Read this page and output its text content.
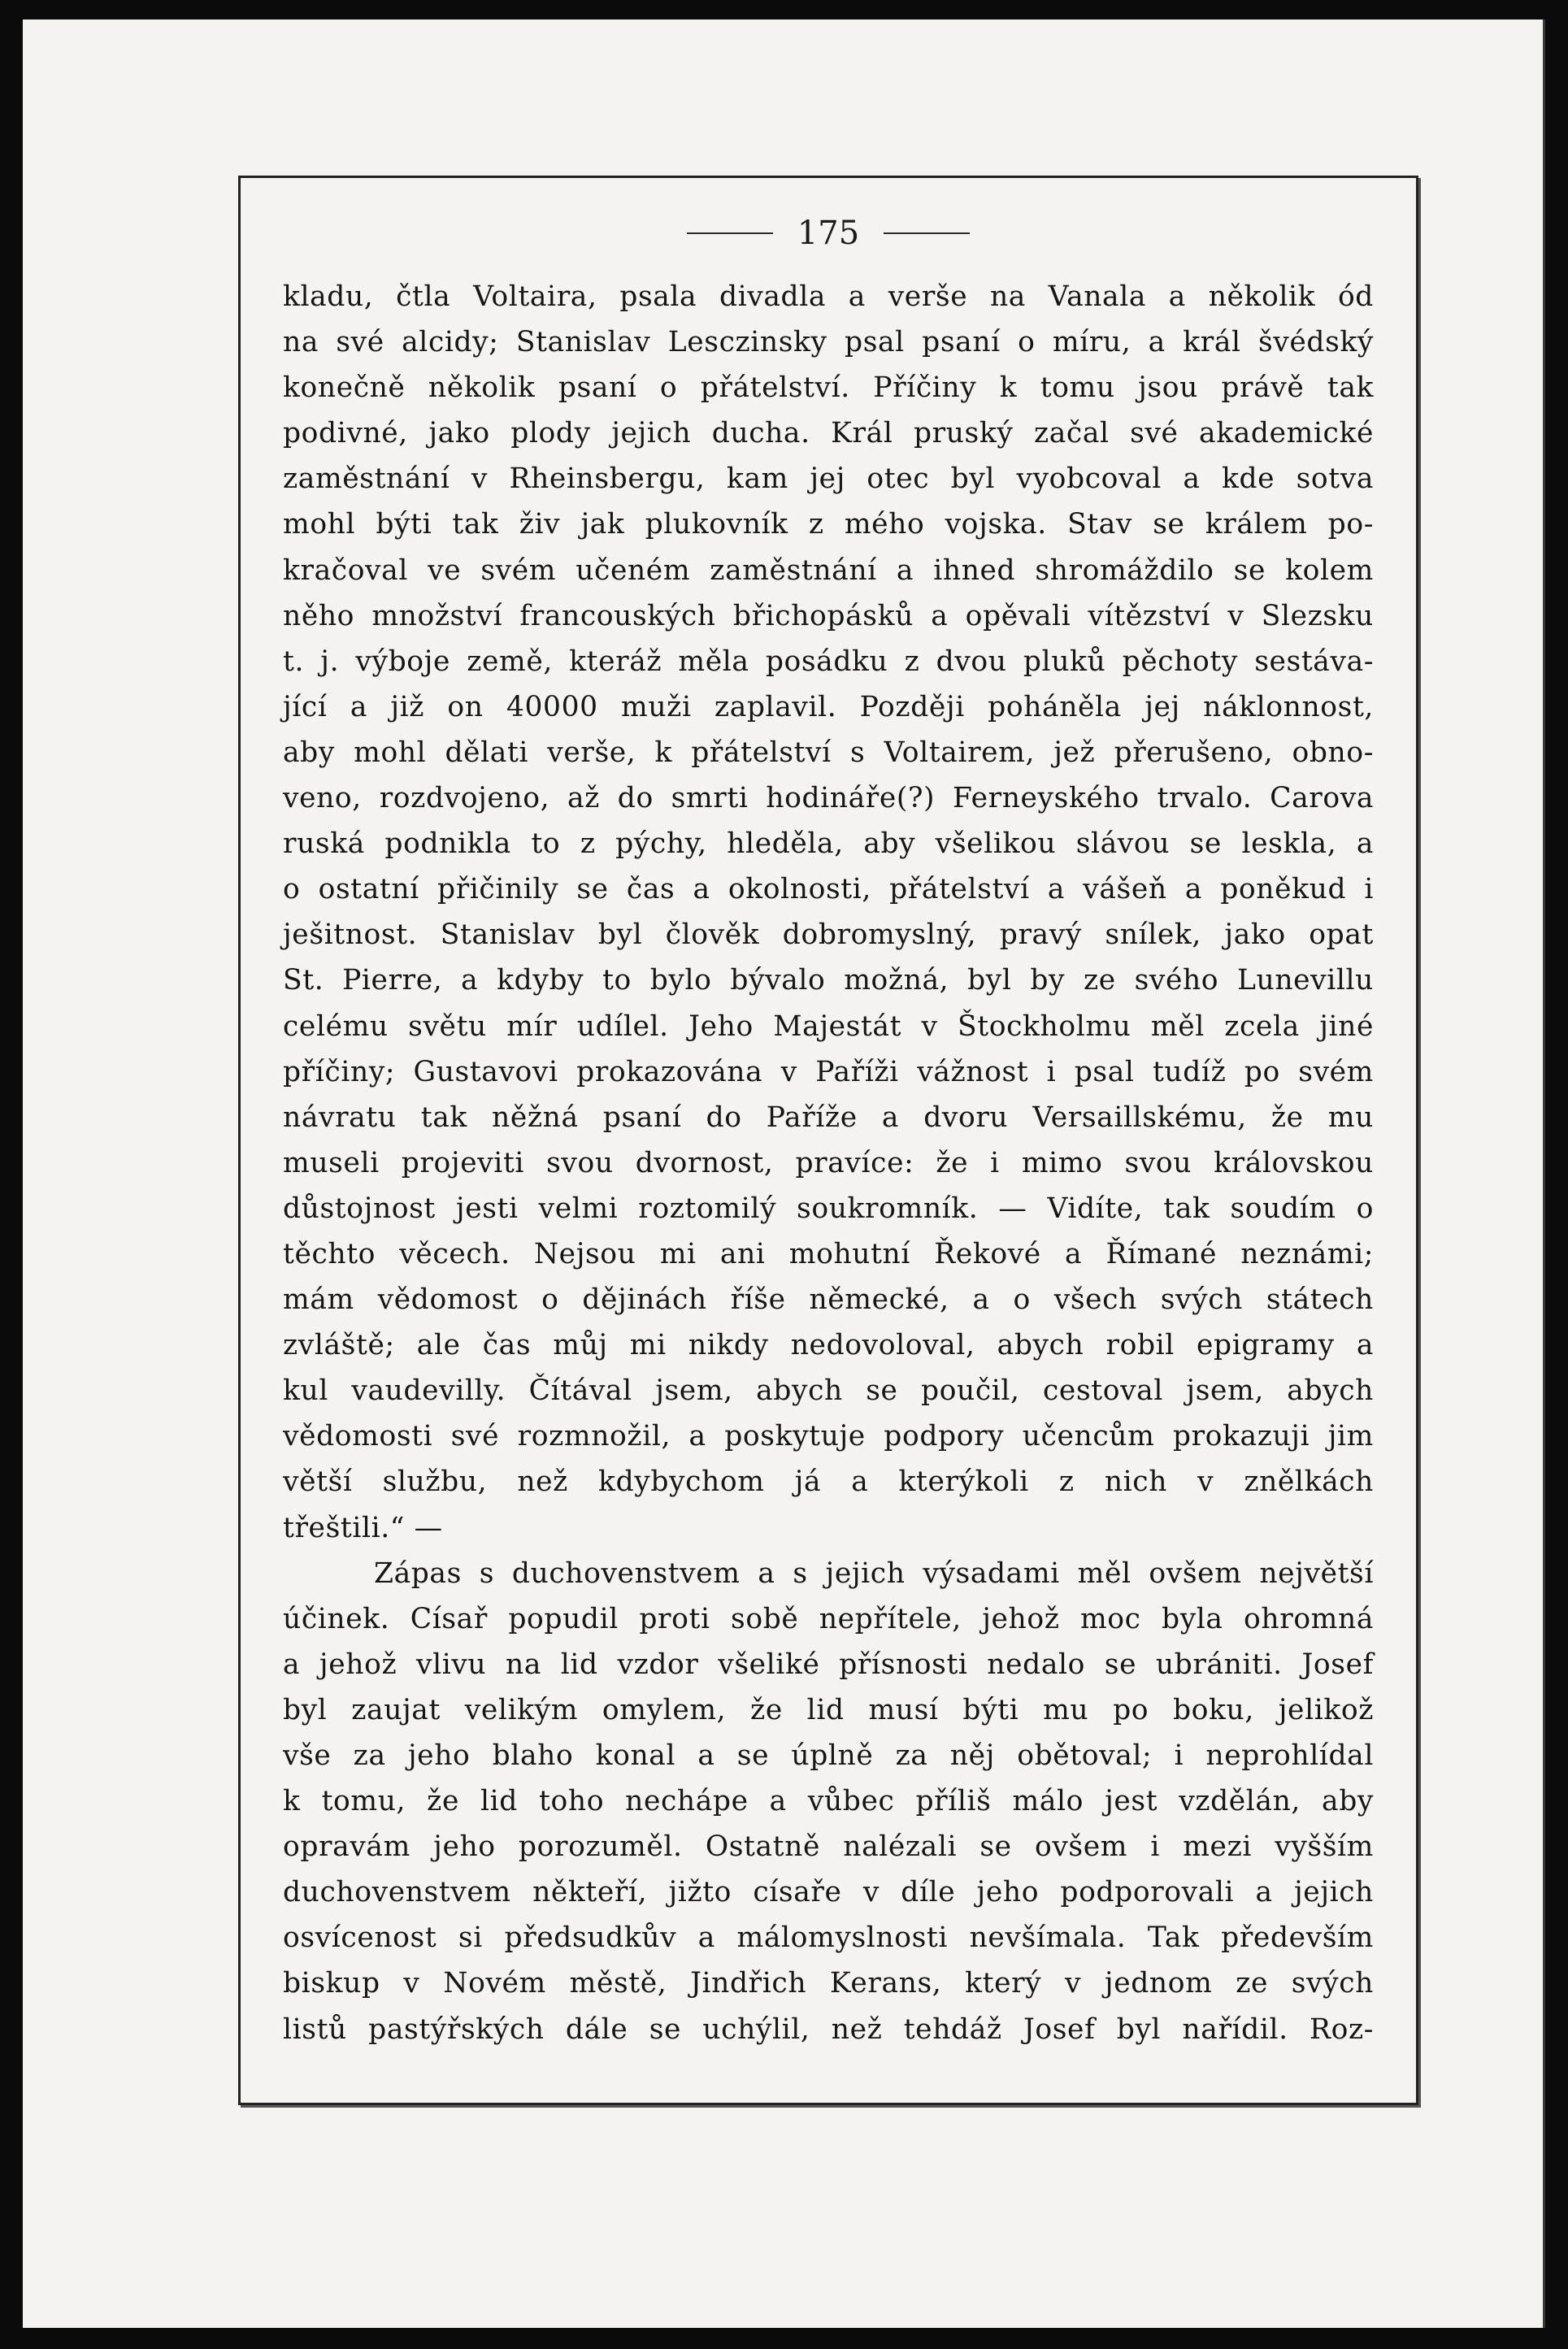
175
kladu, čtla Voltaira, psala divadla a verše na Vanala a několik ód
na své alcidy; Stanislav Lesczinsky psal psaní o míru, a král švédský
konečně několik psaní o přátelství. Příčiny k tomu jsou právě tak
podivné, jako plody jejich ducha. Král pruský začal své akademické
zaměstnání v Rheinsbergu, kam jej otec byl vyobcoval a kde sotva
mohl býti tak živ jak plukovník z mého vojska. Stav se králem po-
kračoval ve svém učeném zaměstnání a ihned shromáždilo se kolem
něho množství francouských břichopásků a opěvali vítězství v Slezsku
t. j. výboje země, kteráž měla posádku z dvou pluků pěchoty sestáva-
jící a již on 40000 muži zaplavil. Později poháněla jej náklonnost,
aby mohl dělati verše, k přátelství s Voltairem, jež přerušeno, obno-
veno, rozdvojeno, až do smrti hodináře(?) Ferneyského trvalo. Carova
ruská podnikla to z pýchy, hleděla, aby všelikou slávou se leskla, a
o ostatní přičinily se čas a okolnosti, přátelství a vášeň a poněkud i
ješitnost. Stanislav byl člověk dobromyslný, pravý snílek, jako opat
St. Pierre, a kdyby to bylo bývalo možná, byl by ze svého Lunevillu
celému světu mír udílel. Jeho Majestát v Štockholmu měl zcela jiné
příčiny; Gustavovi prokazována v Paříži vážnost i psal tudíž po svém
návratu tak něžná psaní do Paříže a dvoru Versaillskému, že mu
museli projeviti svou dvornost, pravíce: že i mimo svou královskou
důstojnost jesti velmi roztomilý soukromník. — Vidíte, tak soudím o
těchto věcech. Nejsou mi ani mohutní Řekové a Římané neznámi;
mám vědomost o dějinách říše německé, a o všech svých státech
zvláště; ale čas můj mi nikdy nedovoloval, abych robil epigramy a
kul vaudevilly. Čítával jsem, abych se poučil, cestoval jsem, abych
vědomosti své rozmnožil, a poskytuje podpory učencům prokazuji jim
větší službu, než kdybychom já a kterýkoli z nich v znělkách
třeštili.“ —
Zápas s duchovenstvem a s jejich výsadami měl ovšem největší
účinek. Císař popudil proti sobě nepřítele, jehož moc byla ohromná
a jehož vlivu na lid vzdor všeliké přísnosti nedalo se ubrániti. Josef
byl zaujat velikým omylem, že lid musí býti mu po boku, jelikož
vše za jeho blaho konal a se úplně za něj obětoval; i neprohlídal
k tomu, že lid toho nechápe a vůbec příliš málo jest vzdělán, aby
opravám jeho porozuměl. Ostatně nalézali se ovšem i mezi vyšším
duchovenstvem někteří, jižto císaře v díle jeho podporovali a jejich
osvícenost si předsudkův a málomyslnosti nevšímala. Tak především
biskup v Novém městě, Jindřich Kerans, který v jednom ze svých
listů pastýřských dále se uchýlil, než tehdáž Josef byl nařídil. Roz-
